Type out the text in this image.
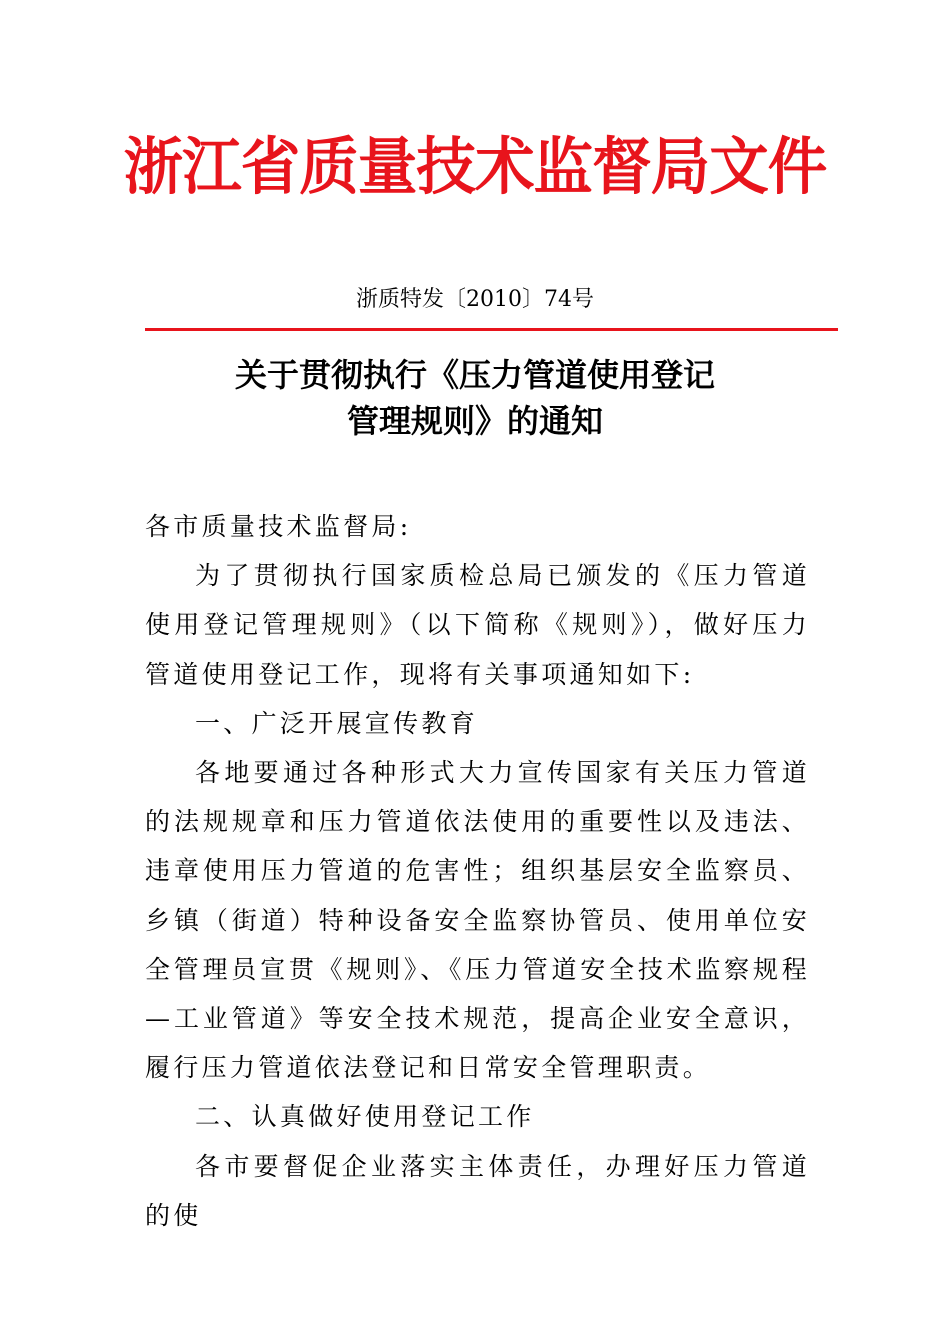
浙江省质量技术监督局文件
浙质特发〔2010〕74号
关于贯彻执行《压力管道使用登记
管理规则》的通知

各市质量技术监督局:

为了贯彻执行国家质检总局已颁发的《压力管道使用登记管理规则》（以下简称《规则》），做好压力管道使用登记工作，现将有关事项通知如下:

一、广泛开展宣传教育

各地要通过各种形式大力宣传国家有关压力管道的法规规章和压力管道依法使用的重要性以及违法、违章使用压力管道的危害性；组织基层安全监察员、乡镇（街道）特种设备安全监察协管员、使用单位安全管理员宣贯《规则》、《压力管道安全技术监察规程—工业管道》等安全技术规范，提高企业安全意识，履行压力管道依法登记和日常安全管理职责。

二、认真做好使用登记工作

各市要督促企业落实主体责任，办理好压力管道的使
